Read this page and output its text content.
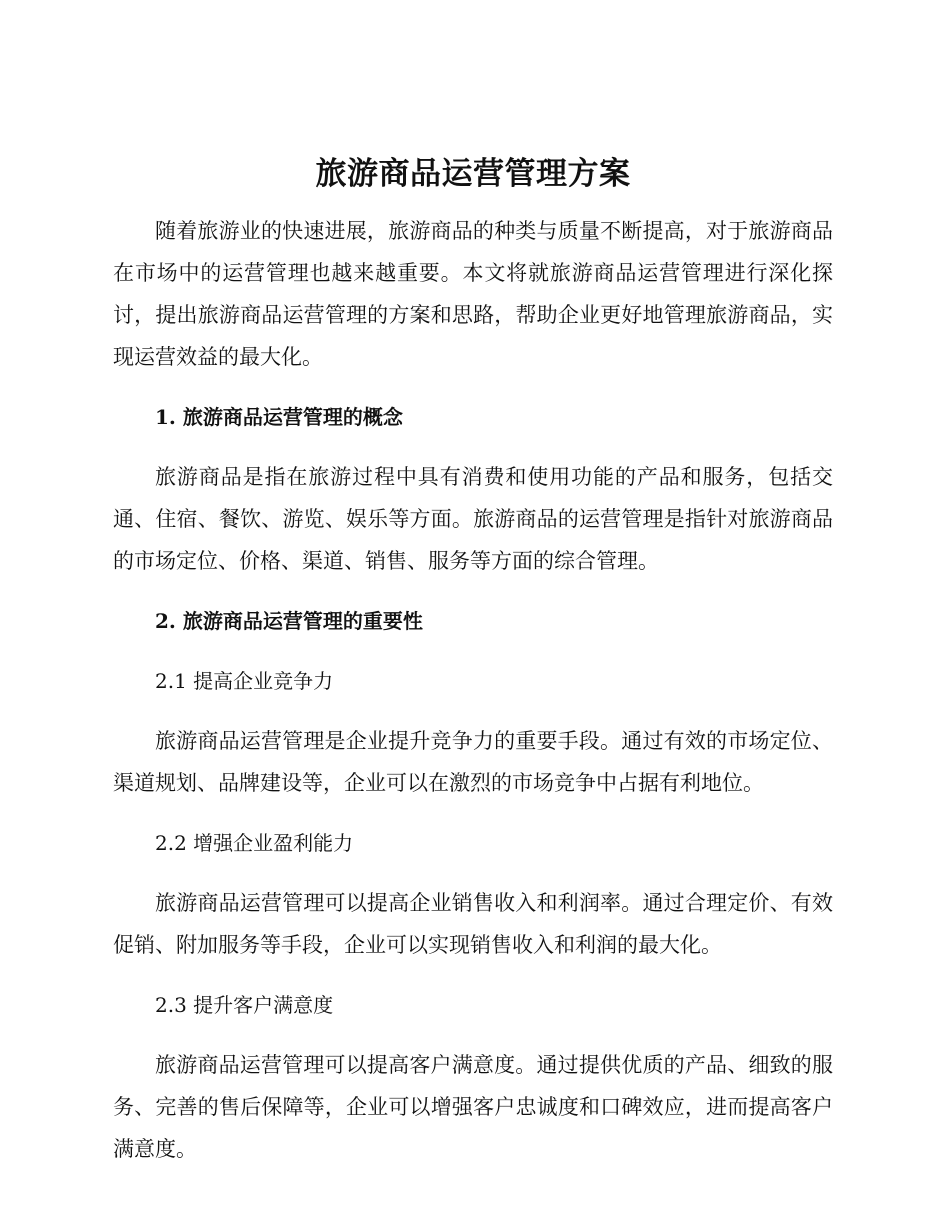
旅游商品运营管理方案

随着旅游业的快速进展，旅游商品的种类与质量不断提高，对于旅游商品在市场中的运营管理也越来越重要。本文将就旅游商品运营管理进行深化探讨，提出旅游商品运营管理的方案和思路，帮助企业更好地管理旅游商品，实现运营效益的最大化。

1. 旅游商品运营管理的概念

旅游商品是指在旅游过程中具有消费和使用功能的产品和服务，包括交通、住宿、餐饮、游览、娱乐等方面。旅游商品的运营管理是指针对旅游商品的市场定位、价格、渠道、销售、服务等方面的综合管理。

2. 旅游商品运营管理的重要性

2.1 提高企业竞争力

旅游商品运营管理是企业提升竞争力的重要手段。通过有效的市场定位、渠道规划、品牌建设等，企业可以在激烈的市场竞争中占据有利地位。

2.2 增强企业盈利能力

旅游商品运营管理可以提高企业销售收入和利润率。通过合理定价、有效促销、附加服务等手段，企业可以实现销售收入和利润的最大化。

2.3 提升客户满意度

旅游商品运营管理可以提高客户满意度。通过提供优质的产品、细致的服务、完善的售后保障等，企业可以增强客户忠诚度和口碑效应，进而提高客户满意度。
